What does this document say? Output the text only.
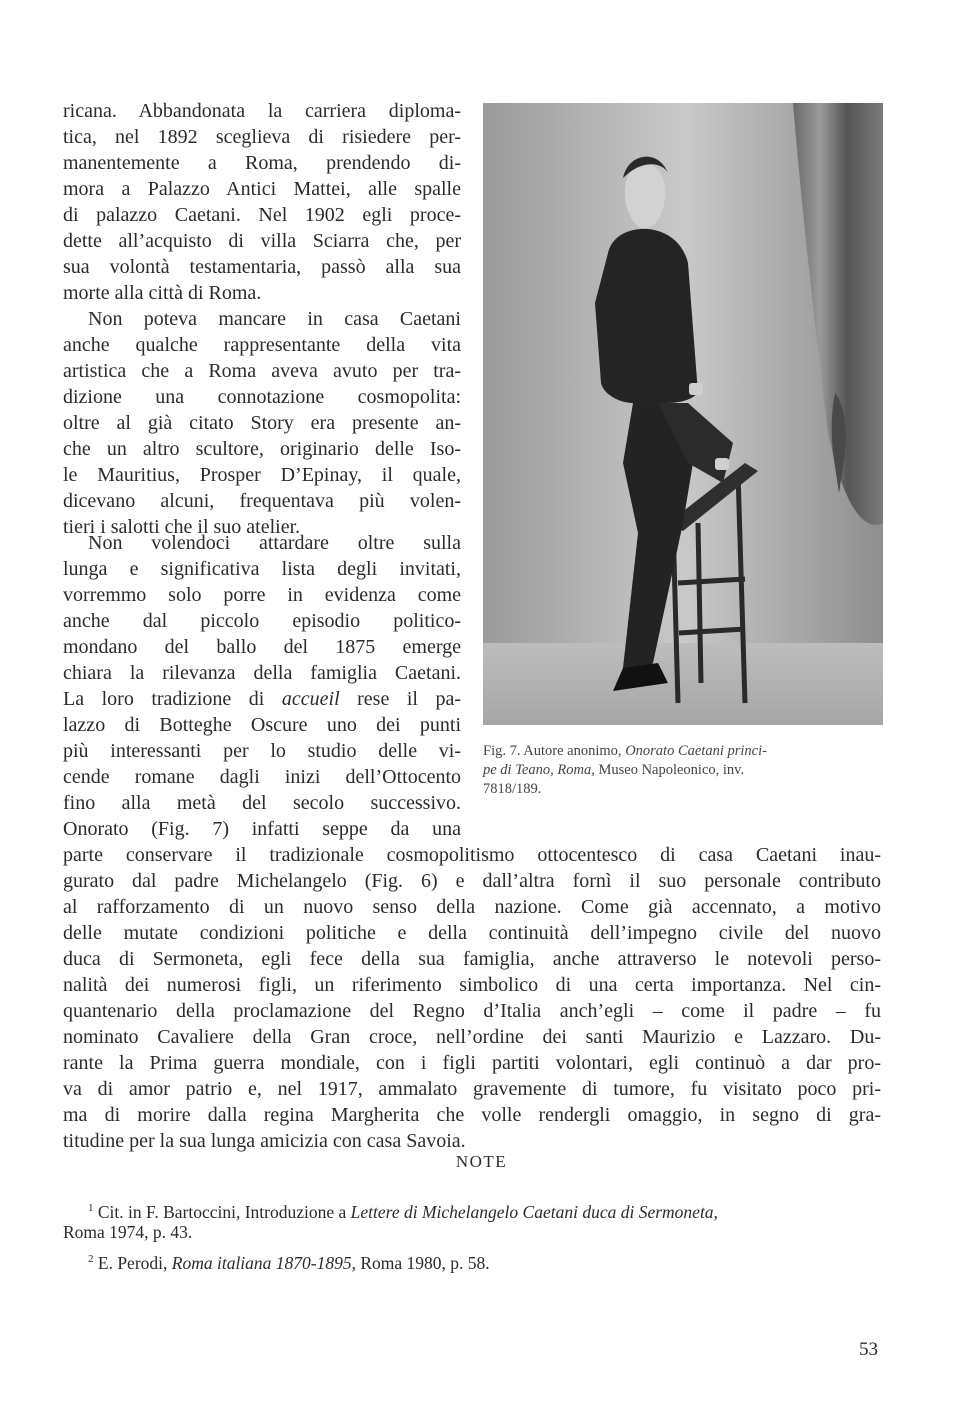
ricana. Abbandonata la carriera diploma-
tica, nel 1892 sceglieva di risiedere per-
manentemente a Roma, prendendo di-
mora a Palazzo Antici Mattei, alle spalle
di palazzo Caetani. Nel 1902 egli proce-
dette all’acquisto di villa Sciarra che, per
sua volontà testamentaria, passò alla sua
morte alla città di Roma.
Non poteva mancare in casa Caetani
anche qualche rappresentante della vita
artistica che a Roma aveva avuto per tra-
dizione una connotazione cosmopolita:
oltre al già citato Story era presente an-
che un altro scultore, originario delle Iso-
le Mauritius, Prosper D’Epinay, il quale,
dicevano alcuni, frequentava più volen-
tieri i salotti che il suo atelier.
Non volendoci attardare oltre sulla
lunga e significativa lista degli invitati,
vorremmo solo porre in evidenza come
anche dal piccolo episodio politico-
mondano del ballo del 1875 emerge
chiara la rilevanza della famiglia Caetani.
La loro tradizione di accueil rese il pa-
lazzo di Botteghe Oscure uno dei punti
più interessanti per lo studio delle vi-
cende romane dagli inizi dell’Ottocento
fino alla metà del secolo successivo.
Onorato (Fig. 7) infatti seppe da una
Fig. 7. Autore anonimo, Onorato Caetani princi-
pe di Teano, Roma, Museo Napoleonico, inv.
7818/189.
parte conservare il tradizionale cosmopolitismo ottocentesco di casa Caetani inau-
gurato dal padre Michelangelo (Fig. 6) e dall’altra fornì il suo personale contributo
al rafforzamento di un nuovo senso della nazione. Come già accennato, a motivo
delle mutate condizioni politiche e della continuità dell’impegno civile del nuovo
duca di Sermoneta, egli fece della sua famiglia, anche attraverso le notevoli perso-
nalità dei numerosi figli, un riferimento simbolico di una certa importanza. Nel cin-
quantenario della proclamazione del Regno d’Italia anch’egli – come il padre – fu
nominato Cavaliere della Gran croce, nell’ordine dei santi Maurizio e Lazzaro. Du-
rante la Prima guerra mondiale, con i figli partiti volontari, egli continuò a dar pro-
va di amor patrio e, nel 1917, ammalato gravemente di tumore, fu visitato poco pri-
ma di morire dalla regina Margherita che volle rendergli omaggio, in segno di gra-
titudine per la sua lunga amicizia con casa Savoia.
NOTE
$^1$ Cit. in F. Bartoccini, Introduzione a Lettere di Michelangelo Caetani duca di Sermoneta,
Roma 1974, p. 43.
$^2$ E. Perodi, Roma italiana 1870-1895, Roma 1980, p. 58.
53
